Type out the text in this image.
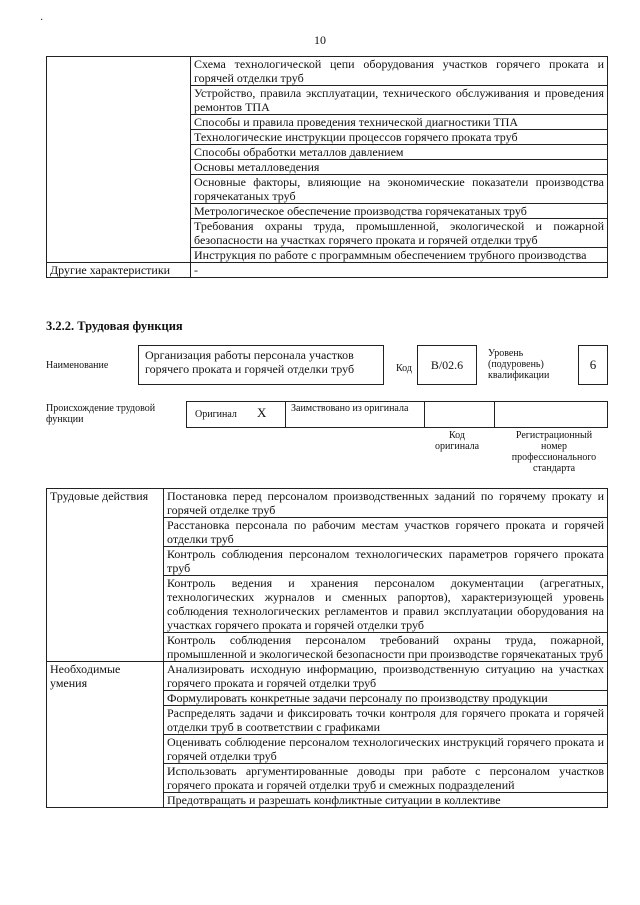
·
10
	Схема технологической цепи оборудования участков горячего проката и горячей отделки труб
	Устройство, правила эксплуатации, технического обслуживания и проведения ремонтов ТПА
	Способы и правила проведения технической диагностики ТПА
	Технологические инструкции процессов горячего проката труб
	Способы обработки металлов давлением
	Основы металловедения
	Основные факторы, влияющие на экономические показатели производства горячекатаных труб
	Метрологическое обеспечение производства горячекатаных труб
	Требования охраны труда, промышленной, экологической и пожарной безопасности на участках горячего проката и горячей отделки труб
	Инструкция по работе с программным обеспечением трубного производства
Другие характеристики	-
3.2.2. Трудовая функция
Наименование
Организация работы персонала участков горячего проката и горячей отделки труб	Код	B/02.6
Уровень (подуровень) квалификации
6
Происхождение трудовой функции	Оригинал X Заимствовано из оригинала
Код оригинала
Регистрационный номер профессионального стандарта
Трудовые действия	Постановка перед персоналом производственных заданий по горячему прокату и горячей отделке труб
	Расстановка персонала по рабочим местам участков горячего проката и горячей отделки труб
	Контроль соблюдения персоналом технологических параметров горячего проката труб
	Контроль ведения и хранения персоналом документации (агрегатных, технологических журналов и сменных рапортов), характеризующей уровень соблюдения технологических регламентов и правил эксплуатации оборудования на участках горячего проката и горячей отделки труб
	Контроль соблюдения персоналом требований охраны труда, пожарной, промышленной и экологической безопасности при производстве горячекатаных труб
Необходимые умения	Анализировать исходную информацию, производственную ситуацию на участках горячего проката и горячей отделки труб
	Формулировать конкретные задачи персоналу по производству продукции
	Распределять задачи и фиксировать точки контроля для горячего проката и горячей отделки труб в соответствии с графиками
	Оценивать соблюдение персоналом технологических инструкций горячего проката и горячей отделки труб
	Использовать аргументированные доводы при работе с персоналом участков горячего проката и горячей отделки труб и смежных подразделений
	Предотвращать и разрешать конфликтные ситуации в коллективе
